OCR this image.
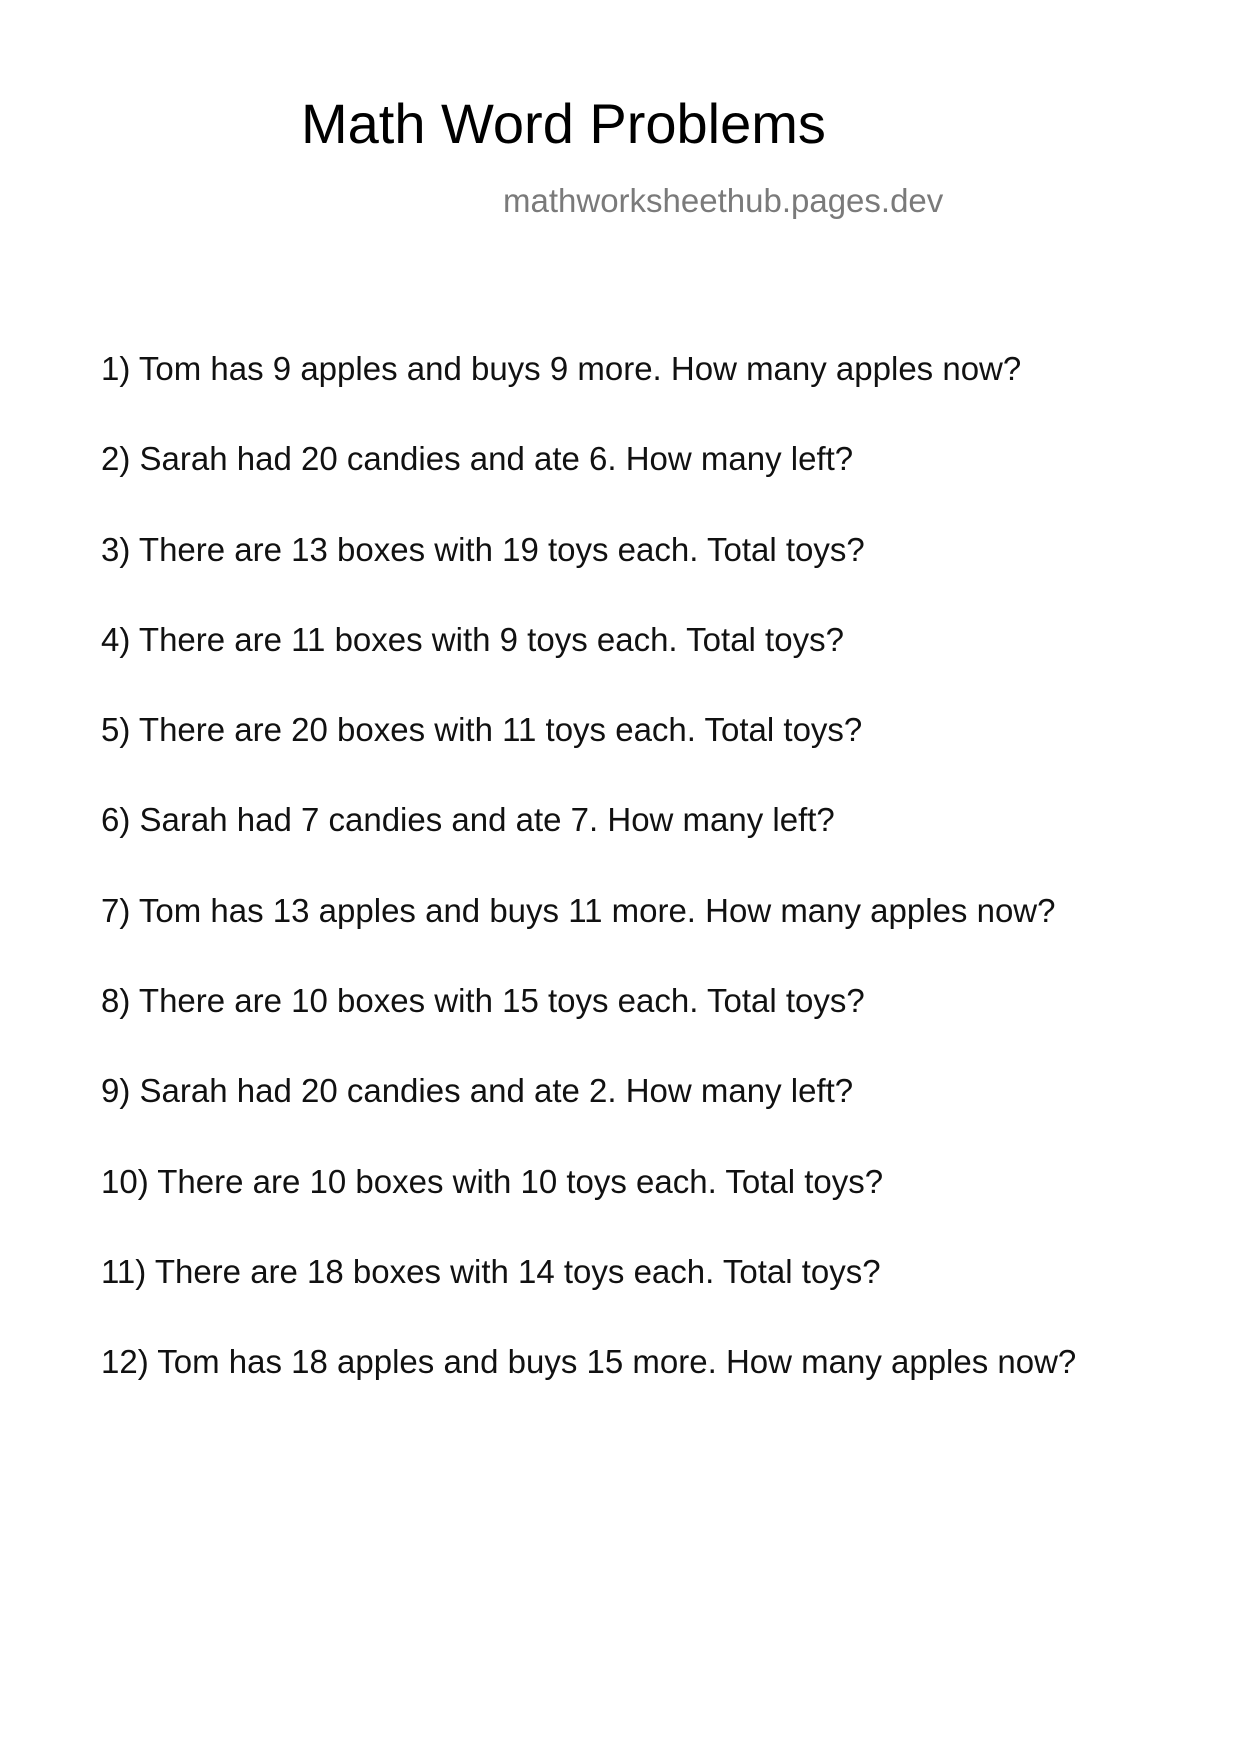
Math Word Problems
mathworksheethub.pages.dev
1) Tom has 9 apples and buys 9 more. How many apples now?
2) Sarah had 20 candies and ate 6. How many left?
3) There are 13 boxes with 19 toys each. Total toys?
4) There are 11 boxes with 9 toys each. Total toys?
5) There are 20 boxes with 11 toys each. Total toys?
6) Sarah had 7 candies and ate 7. How many left?
7) Tom has 13 apples and buys 11 more. How many apples now?
8) There are 10 boxes with 15 toys each. Total toys?
9) Sarah had 20 candies and ate 2. How many left?
10) There are 10 boxes with 10 toys each. Total toys?
11) There are 18 boxes with 14 toys each. Total toys?
12) Tom has 18 apples and buys 15 more. How many apples now?
